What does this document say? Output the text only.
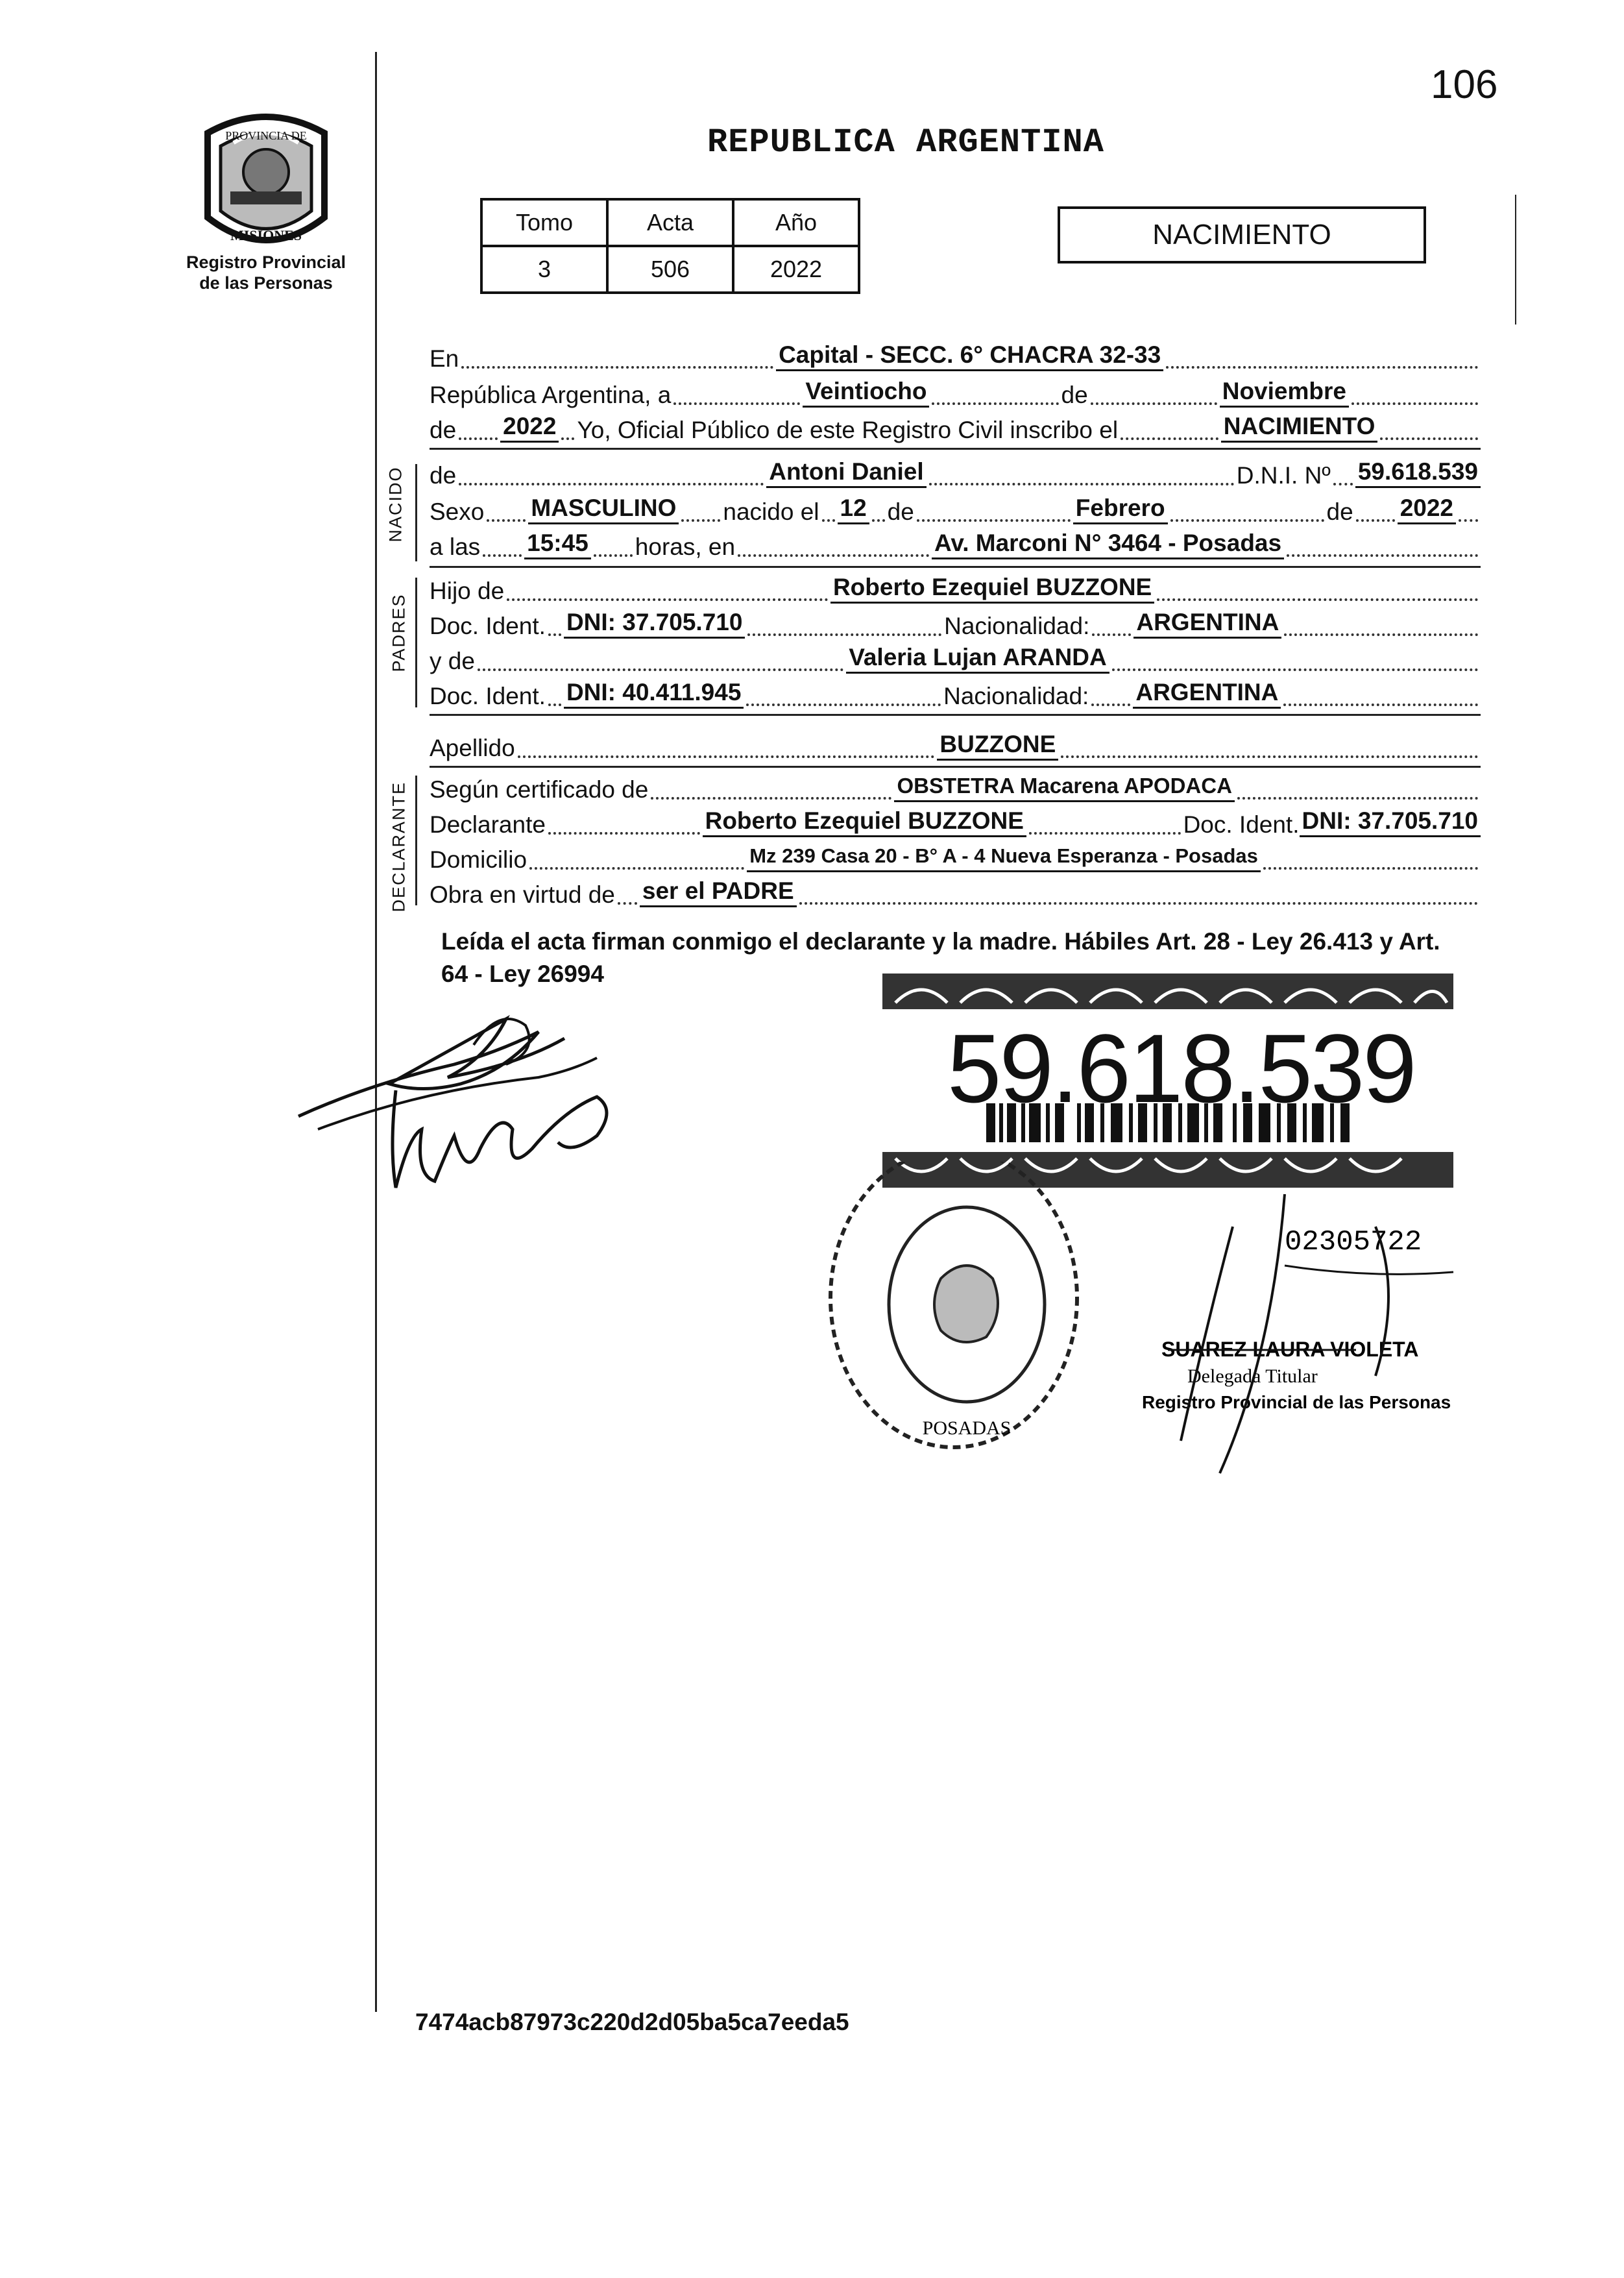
PROVINCIA DE
MISIONES
Registro Provincial
de las Personas
106
REPUBLICA ARGENTINA
Tomo	Acta	Año
3	506	2022
NACIMIENTO
En	Capital - SECC. 6° CHACRA 32-33
República Argentina, a	Veintiocho	de	Noviembre
de 2022 Yo, Oficial Público de este Registro Civil inscribo el	NACIMIENTO
NACIDO de	Antoni Daniel	D.N.I. Nº 59.618.539
Sexo MASCULINO nacido el 12 de	Febrero	de 2022
a las 15:45 horas, en	Av. Marconi N° 3464 - Posadas
PADRES
Hijo de	Roberto Ezequiel BUZZONE
Doc. Ident. DNI: 37.705.710	Nacionalidad: ARGENTINA
y de	Valeria Lujan ARANDA
Doc. Ident. DNI: 40.411.945	Nacionalidad: ARGENTINA
Apellido	BUZZONE
DECLARANTE Según certificado de	OBSTETRA Macarena APODACA
Declarante	Roberto Ezequiel BUZZONE	Doc. Ident. DNI: 37.705.710
Domicilio	Mz 239 Casa 20 - B° A - 4 Nueva Esperanza - Posadas
Obra en virtud de ser el PADRE
Leída el acta firman conmigo el declarante y la madre. Hábiles Art. 28 - Ley 26.413 y Art. 64 - Ley 26994
59.618.539
POSADAS
02305722
SUAREZ LAURA VIOLETA
Delegada Titular
Registro Provincial de las Personas
7474acb87973c220d2d05ba5ca7eeda5
